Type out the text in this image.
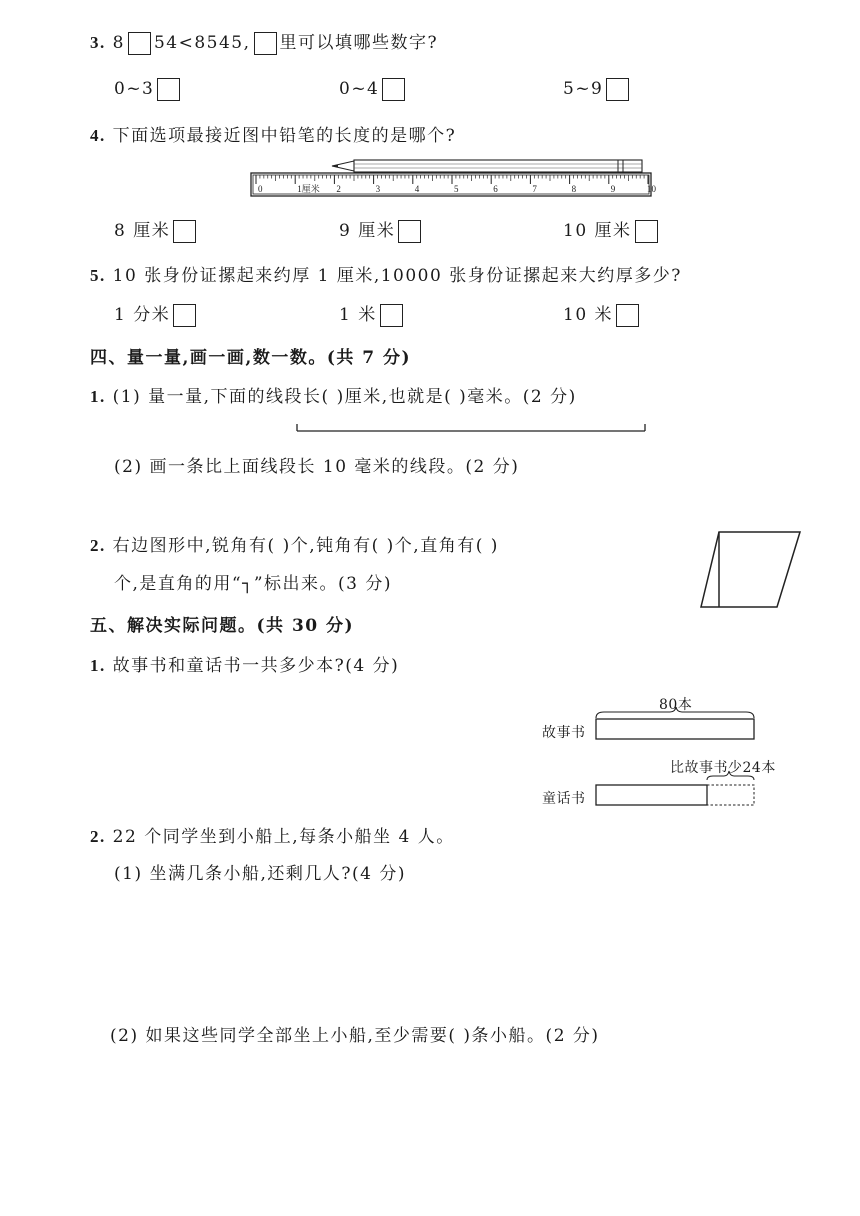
3. 8 54<8545, 里可以填哪些数字?
0~3	0~4	5~9
4. 下面选项最接近图中铅笔的长度的是哪个?
0	1厘米 2	3	4	5	6	7	8	9	10
8 厘米	9 厘米	10 厘米
5. 10 张身份证摞起来约厚 1 厘米,10000 张身份证摞起来大约厚多少?
1 分米	1 米	10 米
四、量一量,画一画,数一数。(共 7 分)
1. (1) 量一量,下面的线段长( )厘米,也就是( )毫米。(2 分)
(2) 画一条比上面线段长 10 毫米的线段。(2 分)
2. 右边图形中,锐角有( )个,钝角有( )个,直角有( )
个,是直角的用“┐”标出来。(3 分)
五、解决实际问题。(共 30 分)
1. 故事书和童话书一共多少本?(4 分)
80本
故事书
比故事书少24本
童话书
2. 22 个同学坐到小船上,每条小船坐 4 人。
(1) 坐满几条小船,还剩几人?(4 分)
(2) 如果这些同学全部坐上小船,至少需要( )条小船。(2 分)
